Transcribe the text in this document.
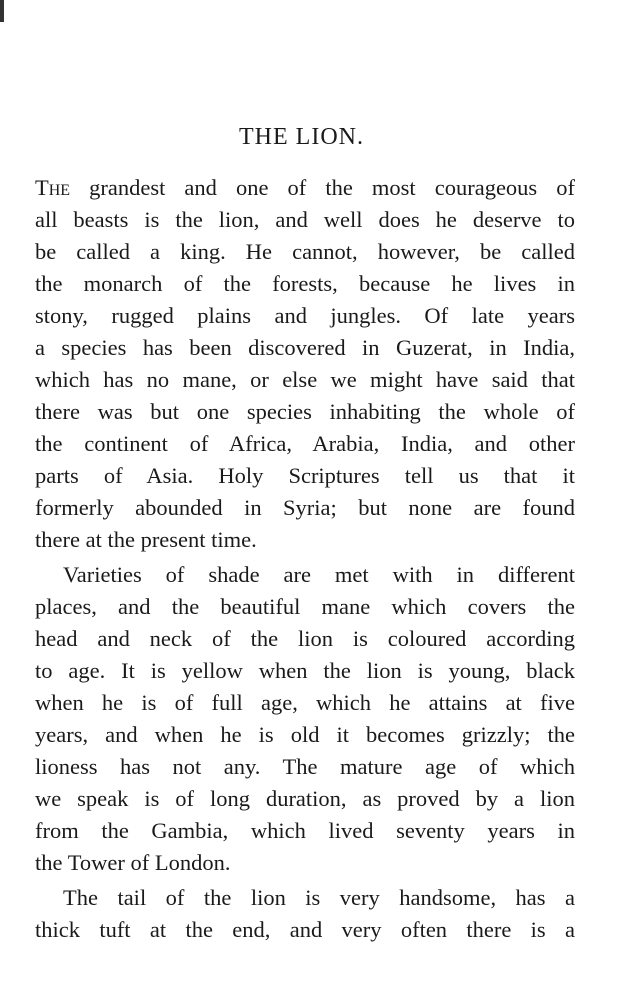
THE LION.
The grandest and one of the most courageous of
all beasts is the lion, and well does he deserve to
be called a king. He cannot, however, be called
the monarch of the forests, because he lives in
stony, rugged plains and jungles. Of late years
a species has been discovered in Guzerat, in India,
which has no mane, or else we might have said that
there was but one species inhabiting the whole of
the continent of Africa, Arabia, India, and other
parts of Asia. Holy Scriptures tell us that it
formerly abounded in Syria; but none are found
there at the present time.
Varieties of shade are met with in different
places, and the beautiful mane which covers the
head and neck of the lion is coloured according
to age. It is yellow when the lion is young, black
when he is of full age, which he attains at five
years, and when he is old it becomes grizzly; the
lioness has not any. The mature age of which
we speak is of long duration, as proved by a lion
from the Gambia, which lived seventy years in
the Tower of London.
The tail of the lion is very handsome, has a
thick tuft at the end, and very often there is a
